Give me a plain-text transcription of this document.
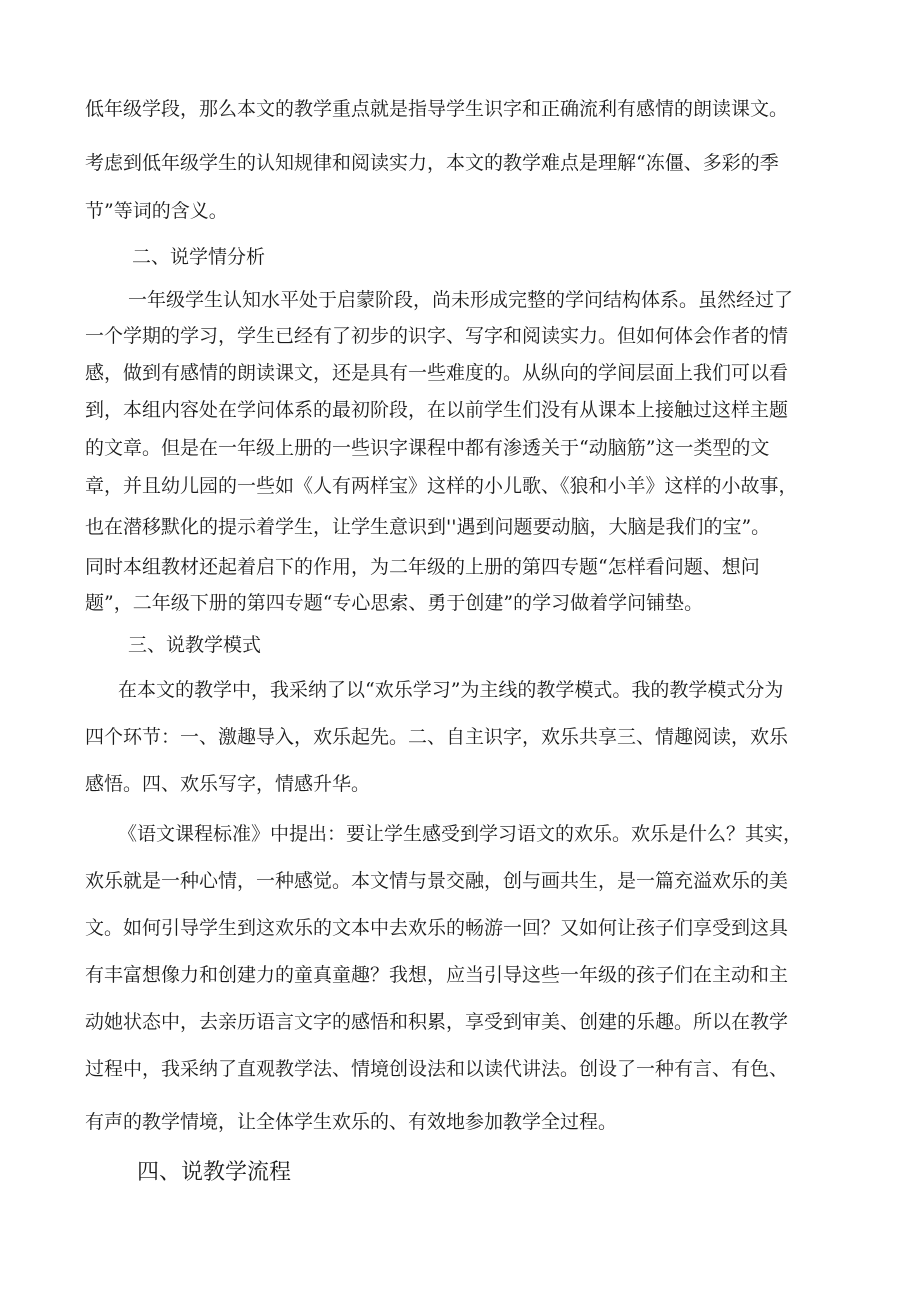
低年级学段，那么本文的教学重点就是指导学生识字和正确流利有感情的朗读课文。
考虑到低年级学生的认知规律和阅读实力，本文的教学难点是理解“冻僵、多彩的季
节”等词的含义。
二、说学情分析
一年级学生认知水平处于启蒙阶段，尚未形成完整的学问结构体系。虽然经过了
一个学期的学习，学生已经有了初步的识字、写字和阅读实力。但如何体会作者的情
感，做到有感情的朗读课文，还是具有一些难度的。从纵向的学间层面上我们可以看
到，本组内容处在学问体系的最初阶段，在以前学生们没有从课本上接触过这样主题
的文章。但是在一年级上册的一些识字课程中都有渗透关于“动脑筋”这一类型的文
章，并且幼儿园的一些如《人有两样宝》这样的小儿歌、《狼和小羊》这样的小故事，
也在潜移默化的提示着学生，让学生意识到''遇到问题要动脑，大脑是我们的宝”。
同时本组教材还起着启下的作用，为二年级的上册的第四专题“怎样看问题、想问
题”，二年级下册的第四专题“专心思索、勇于创建”的学习做着学问铺垫。
三、说教学模式
在本文的教学中，我采纳了以“欢乐学习”为主线的教学模式。我的教学模式分为
四个环节：一、激趣导入，欢乐起先。二、自主识字，欢乐共享三、情趣阅读，欢乐
感悟。四、欢乐写字，情感升华。
《语文课程标准》中提出：要让学生感受到学习语文的欢乐。欢乐是什么？其实，
欢乐就是一种心情，一种感觉。本文情与景交融，创与画共生，是一篇充溢欢乐的美
文。如何引导学生到这欢乐的文本中去欢乐的畅游一回？又如何让孩子们享受到这具
有丰富想像力和创建力的童真童趣？我想，应当引导这些一年级的孩子们在主动和主
动她状态中，去亲历语言文字的感悟和积累，享受到审美、创建的乐趣。所以在教学
过程中，我采纳了直观教学法、情境创设法和以读代讲法。创设了一种有言、有色、
有声的教学情境，让全体学生欢乐的、有效地参加教学全过程。
四、说教学流程
